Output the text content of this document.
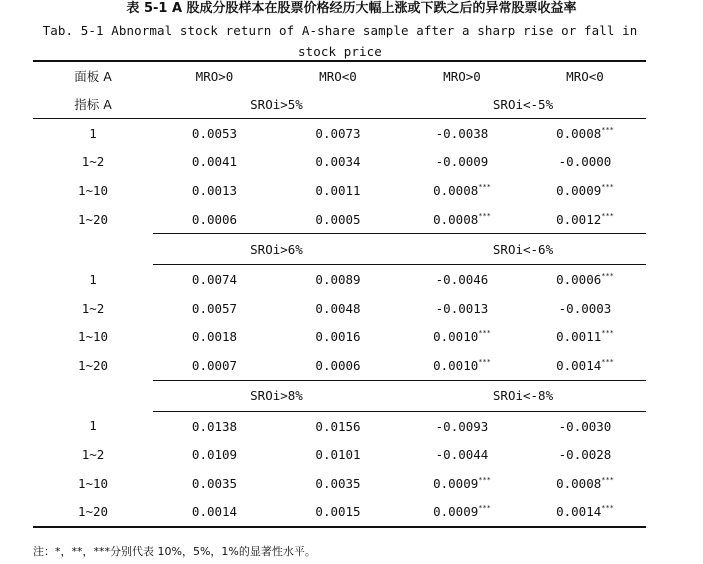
表 5-1 A 股成分股样本在股票价格经历大幅上涨或下跌之后的异常股票收益率
Tab. 5-1 Abnormal stock return of A-share sample after a sharp rise or fall in stock price
面板 A	MRO>0	MRO<0	MRO>0	MRO<0
指标 A	SROi>5%		SROi<-5%	
1	0.0053	0.0073	-0.0038	0.0008***
1~2	0.0041	0.0034	-0.0009	-0.0000
1~10	0.0013	0.0011	0.0008***	0.0009***
1~20	0.0006	0.0005	0.0008***	0.0012***
	SROi>6%		SROi<-6%	
1	0.0074	0.0089	-0.0046	0.0006***
1~2	0.0057	0.0048	-0.0013	-0.0003
1~10	0.0018	0.0016	0.0010***	0.0011***
1~20	0.0007	0.0006	0.0010***	0.0014***
	SROi>8%		SROi<-8%	
1	0.0138	0.0156	-0.0093	-0.0030
1~2	0.0109	0.0101	-0.0044	-0.0028
1~10	0.0035	0.0035	0.0009***	0.0008***
1~20	0.0014	0.0015	0.0009***	0.0014***
注：*，**，***分别代表 10%，5%，1%的显著性水平。
